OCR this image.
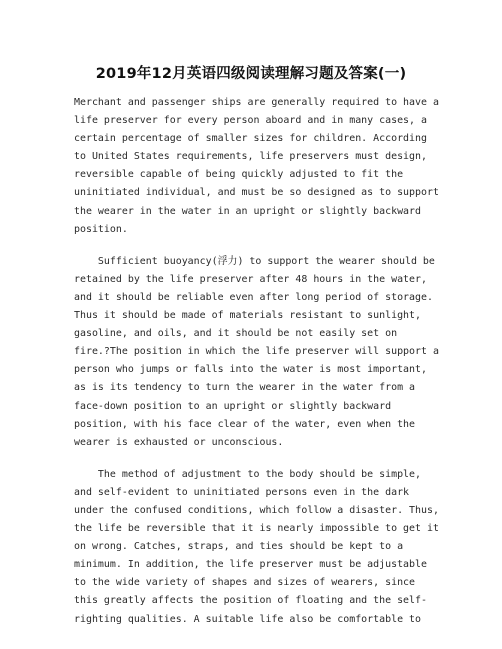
2019年12月英语四级阅读理解习题及答案(一)
Merchant and passenger ships are generally required to have a
life preserver for every person aboard and in many cases, a
certain percentage of smaller sizes for children. According
to United States requirements, life preservers must design,
reversible capable of being quickly adjusted to fit the
uninitiated individual, and must be so designed as to support
the wearer in the water in an upright or slightly backward
position.
Sufficient buoyancy(浮力) to support the wearer should be
retained by the life preserver after 48 hours in the water,
and it should be reliable even after long period of storage.
Thus it should be made of materials resistant to sunlight,
gasoline, and oils, and it should be not easily set on
fire.?The position in which the life preserver will support a
person who jumps or falls into the water is most important,
as is its tendency to turn the wearer in the water from a
face-down position to an upright or slightly backward
position, with his face clear of the water, even when the
wearer is exhausted or unconscious.
The method of adjustment to the body should be simple,
and self-evident to uninitiated persons even in the dark
under the confused conditions, which follow a disaster. Thus,
the life be reversible that it is nearly impossible to get it
on wrong. Catches, straps, and ties should be kept to a
minimum. In addition, the life preserver must be adjustable
to the wide variety of shapes and sizes of wearers, since
this greatly affects the position of floating and the self-
righting qualities. A suitable life also be comfortable to
